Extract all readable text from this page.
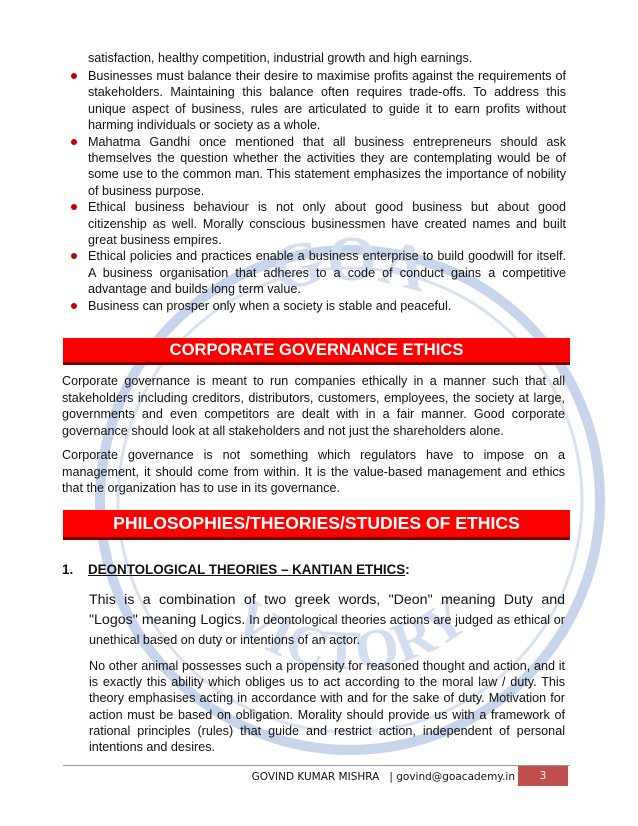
GOA
VICTORY
satisfaction, healthy competition, industrial growth and high earnings.
Businesses must balance their desire to maximise profits against the requirements of stakeholders. Maintaining this balance often requires trade-offs. To address this unique aspect of business, rules are articulated to guide it to earn profits without harming individuals or society as a whole.
Mahatma Gandhi once mentioned that all business entrepreneurs should ask themselves the question whether the activities they are contemplating would be of some use to the common man. This statement emphasizes the importance of nobility of business purpose.
Ethical business behaviour is not only about good business but about good citizenship as well. Morally conscious businessmen have created names and built great business empires.
Ethical policies and practices enable a business enterprise to build goodwill for itself. A business organisation that adheres to a code of conduct gains a competitive advantage and builds long term value.
Business can prosper only when a society is stable and peaceful.
CORPORATE GOVERNANCE ETHICS
Corporate governance is meant to run companies ethically in a manner such that all stakeholders including creditors, distributors, customers, employees, the society at large, governments and even competitors are dealt with in a fair manner. Good corporate governance should look at all stakeholders and not just the shareholders alone.
Corporate governance is not something which regulators have to impose on a management, it should come from within. It is the value-based management and ethics that the organization has to use in its governance.
PHILOSOPHIES/THEORIES/STUDIES OF ETHICS
1. DEONTOLOGICAL THEORIES – KANTIAN ETHICS:
This is a combination of two greek words, "Deon" meaning Duty and "Logos" meaning Logics. In deontological theories actions are judged as ethical or unethical based on duty or intentions of an actor.
No other animal possesses such a propensity for reasoned thought and action, and it is exactly this ability which obliges us to act according to the moral law / duty. This theory emphasises acting in accordance with and for the sake of duty. Motivation for action must be based on obligation. Morality should provide us with a framework of rational principles (rules) that guide and restrict action, independent of personal intentions and desires.
GOVIND KUMAR MISHRA | govind@goacademy.in	3
